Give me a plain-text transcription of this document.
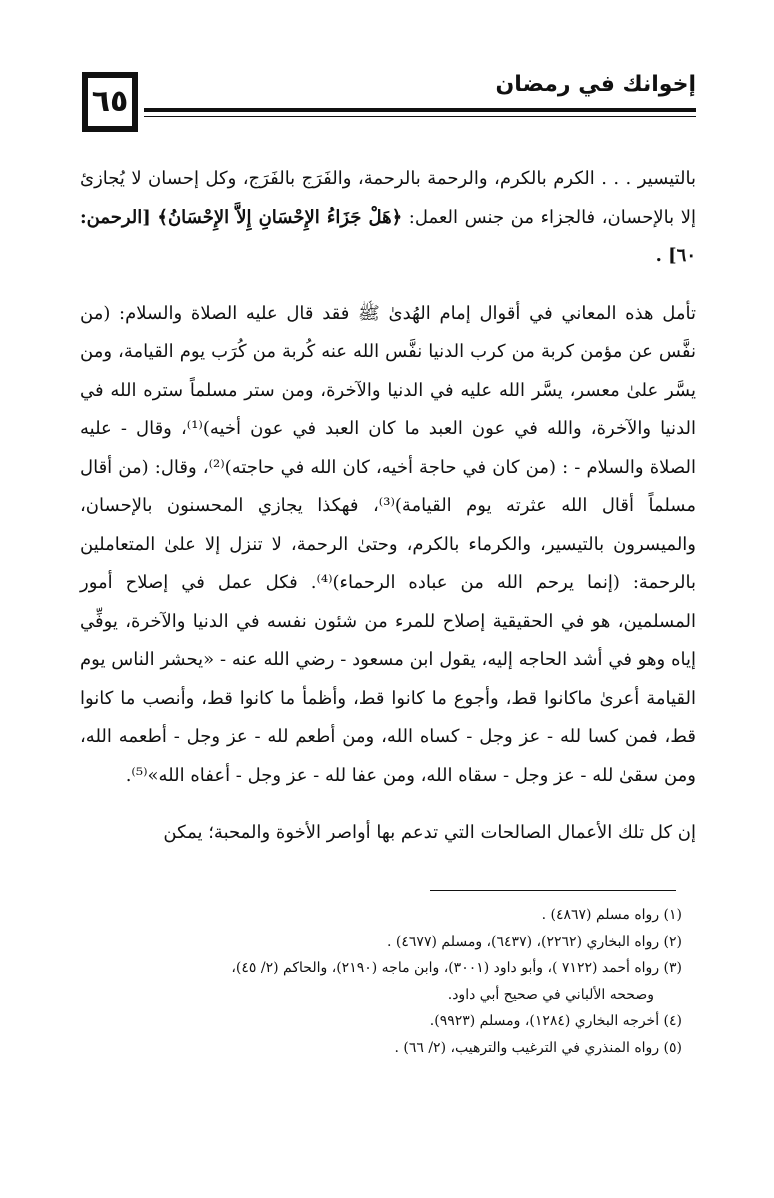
٦٥	إخوانك في رمضان

بالتيسير . . . الكرم بالكرم، والرحمة بالرحمة، والفَرَج بالفَرَج، وكل إحسان لا يُجازئ إلا بالإحسان، فالجزاء من جنس العمل: ﴿هَلْ جَزَاءُ الإِحْسَانِ إِلاَّ الإِحْسَانُ﴾ [الرحمن: ٦٠] .

تأمل هذه المعاني في أقوال إمام الهُدىٰ ﷺ فقد قال عليه الصلاة والسلام: (من نفَّس عن مؤمن كربة من كرب الدنيا نفَّس الله عنه كُربة من كُرَب يوم القيامة، ومن يسَّر علىٰ معسر، يسَّر الله عليه في الدنيا والآخرة، ومن ستر مسلماً ستره الله في الدنيا والآخرة، والله في عون العبد ما كان العبد في عون أخيه)⁽¹⁾، وقال - عليه الصلاة والسلام - : (من كان في حاجة أخيه، كان الله في حاجته)⁽²⁾، وقال: (من أقال مسلماً أقال الله عثرته يوم القيامة)⁽³⁾، فهكذا يجازي المحسنون بالإحسان، والميسرون بالتيسير، والكرماء بالكرم، وحتىٰ الرحمة، لا تنزل إلا علىٰ المتعاملين بالرحمة: (إنما يرحم الله من عباده الرحماء)⁽⁴⁾. فكل عمل في إصلاح أمور المسلمين، هو في الحقيقية إصلاح للمرء من شئون نفسه في الدنيا والآخرة، يوفِّي إياه وهو في أشد الحاجه إليه، يقول ابن مسعود - رضي الله عنه - «يحشر الناس يوم القيامة أعرىٰ ماكانوا قط، وأجوع ما كانوا قط، وأظمأ ما كانوا قط، وأنصب ما كانوا قط، فمن كسا لله - عز وجل - كساه الله، ومن أطعم لله - عز وجل - أطعمه الله، ومن سقىٰ لله - عز وجل - سقاه الله، ومن عفا لله - عز وجل - أعفاه الله»⁽⁵⁾.

إن كل تلك الأعمال الصالحات التي تدعم بها أواصر الأخوة والمحبة؛ يمكن

(١) رواه مسلم (٤٨٦٧) .

(٢) رواه البخاري (٢٢٦٢)، (٦٤٣٧)، ومسلم (٤٦٧٧) .

(٣) رواه أحمد (٧١٢٢ )، وأبو داود (٣٠٠١)، وابن ماجه (٢١٩٠)، والحاكم (٢/ ٤٥)،

وصححه الألباني في صحيح أبي داود.

(٤) أخرجه البخاري (١٢٨٤)، ومسلم (٩٩٢٣).

(٥) رواه المنذري في الترغيب والترهيب، (٢/ ٦٦) .
